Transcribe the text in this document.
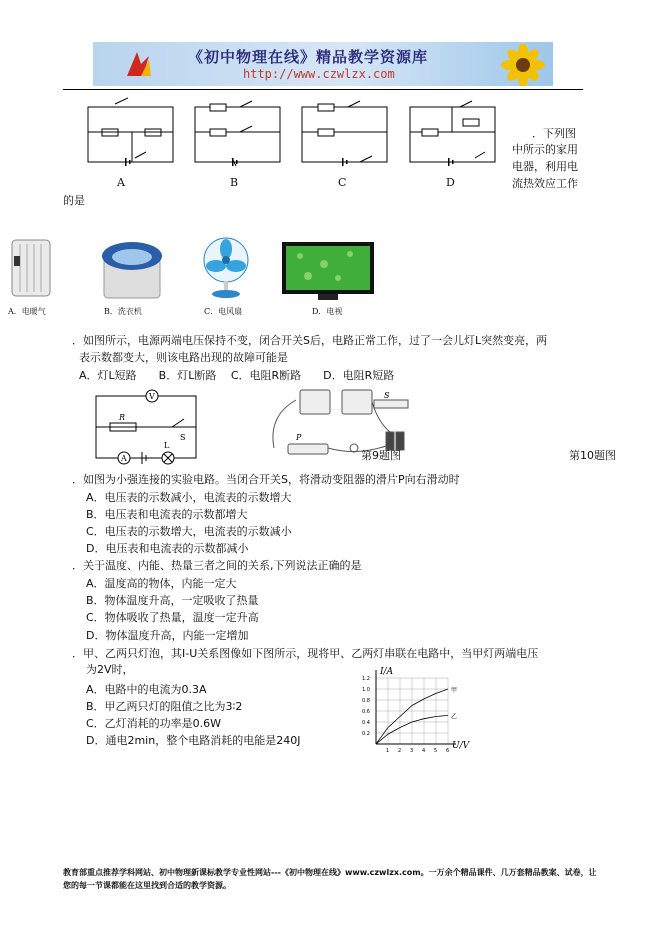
《初中物理在线》精品教学资源库
http://www.czwlzx.com
A	B	C	D
．下列图
中所示的家用
电器，利用电
流热效应工作
的是
A．电暖气	B．洗衣机	C．电风扇	D．电视
．如图所示，电源两端电压保持不变，闭合开关S后，电路正常工作，过了一会儿灯L突然变亮，两
表示数都变大，则该电路出现的故障可能是
A．灯L短路　　B．灯L断路　 C．电阻R断路　　D．电阻R短路
V
A
R
L
S	P
S
第9题图	第10题图
．如图为小强连接的实验电路。当闭合开关S，将滑动变阻器的滑片P向右滑动时
A．电压表的示数减小，电流表的示数增大
B．电压表和电流表的示数都增大
C．电压表的示数增大，电流表的示数减小
D．电压表和电流表的示数都减小
．关于温度、内能、热量三者之间的关系,下列说法正确的是
A．温度高的物体，内能一定大
B．物体温度升高，一定吸收了热量
C．物体吸收了热量，温度一定升高
D．物体温度升高，内能一定增加
．甲、乙两只灯泡，其I-U关系图像如下图所示，现将甲、乙两灯串联在电路中，当甲灯两端电压
为2V时，
A．电路中的电流为0.3A
B．甲乙两只灯的阻值之比为3∶2
C．乙灯消耗的功率是0.6W
D．通电2min，整个电路消耗的电能是240J
1 2 3 4 5 6
0.2
0.4
0.6
0.8
1.0
1.2
甲
乙
I/A
U/V
教育部重点推荐学科网站、初中物理新课标教学专业性网站---《初中物理在线》www.czwlzx.com。一万余个精品课件、几万套精品教案、试卷，让您的每一节课都能在这里找到合适的教学资源。
